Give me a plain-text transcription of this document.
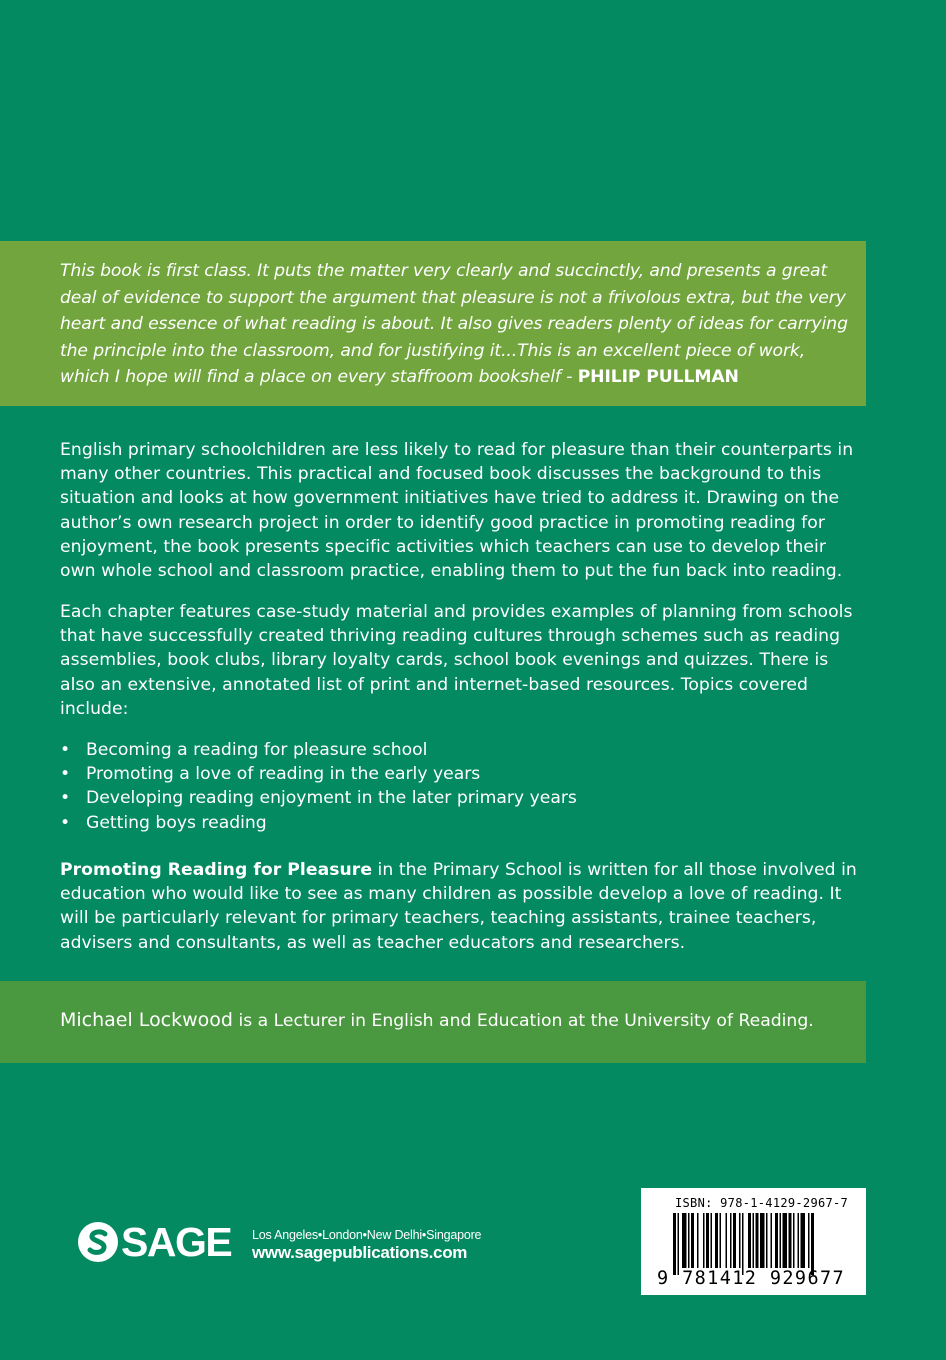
This book is first class. It puts the matter very clearly and succinctly, and presents a great deal of evidence to support the argument that pleasure is not a frivolous extra, but the very heart and essence of what reading is about. It also gives readers plenty of ideas for carrying the principle into the classroom, and for justifying it...This is an excellent piece of work, which I hope will find a place on every staffroom bookshelf - PHILIP PULLMAN
English primary schoolchildren are less likely to read for pleasure than their counterparts in many other countries. This practical and focused book discusses the background to this situation and looks at how government initiatives have tried to address it. Drawing on the author’s own research project in order to identify good practice in promoting reading for enjoyment, the book presents specific activities which teachers can use to develop their own whole school and classroom practice, enabling them to put the fun back into reading.
Each chapter features case-study material and provides examples of planning from schools that have successfully created thriving reading cultures through schemes such as reading assemblies, book clubs, library loyalty cards, school book evenings and quizzes. There is also an extensive, annotated list of print and internet-based resources. Topics covered include:
• Becoming a reading for pleasure school
• Promoting a love of reading in the early years
• Developing reading enjoyment in the later primary years
• Getting boys reading
Promoting Reading for Pleasure in the Primary School is written for all those involved in education who would like to see as many children as possible develop a love of reading. It will be particularly relevant for primary teachers, teaching assistants, trainee teachers, advisers and consultants, as well as teacher educators and researchers.
Michael Lockwood is a Lecturer in English and Education at the University of Reading.
SAGE Los Angeles•London•New Delhi•Singapore
www.sagepublications.com
ISBN: 978-1-4129-2967-7
9 781412 929677
